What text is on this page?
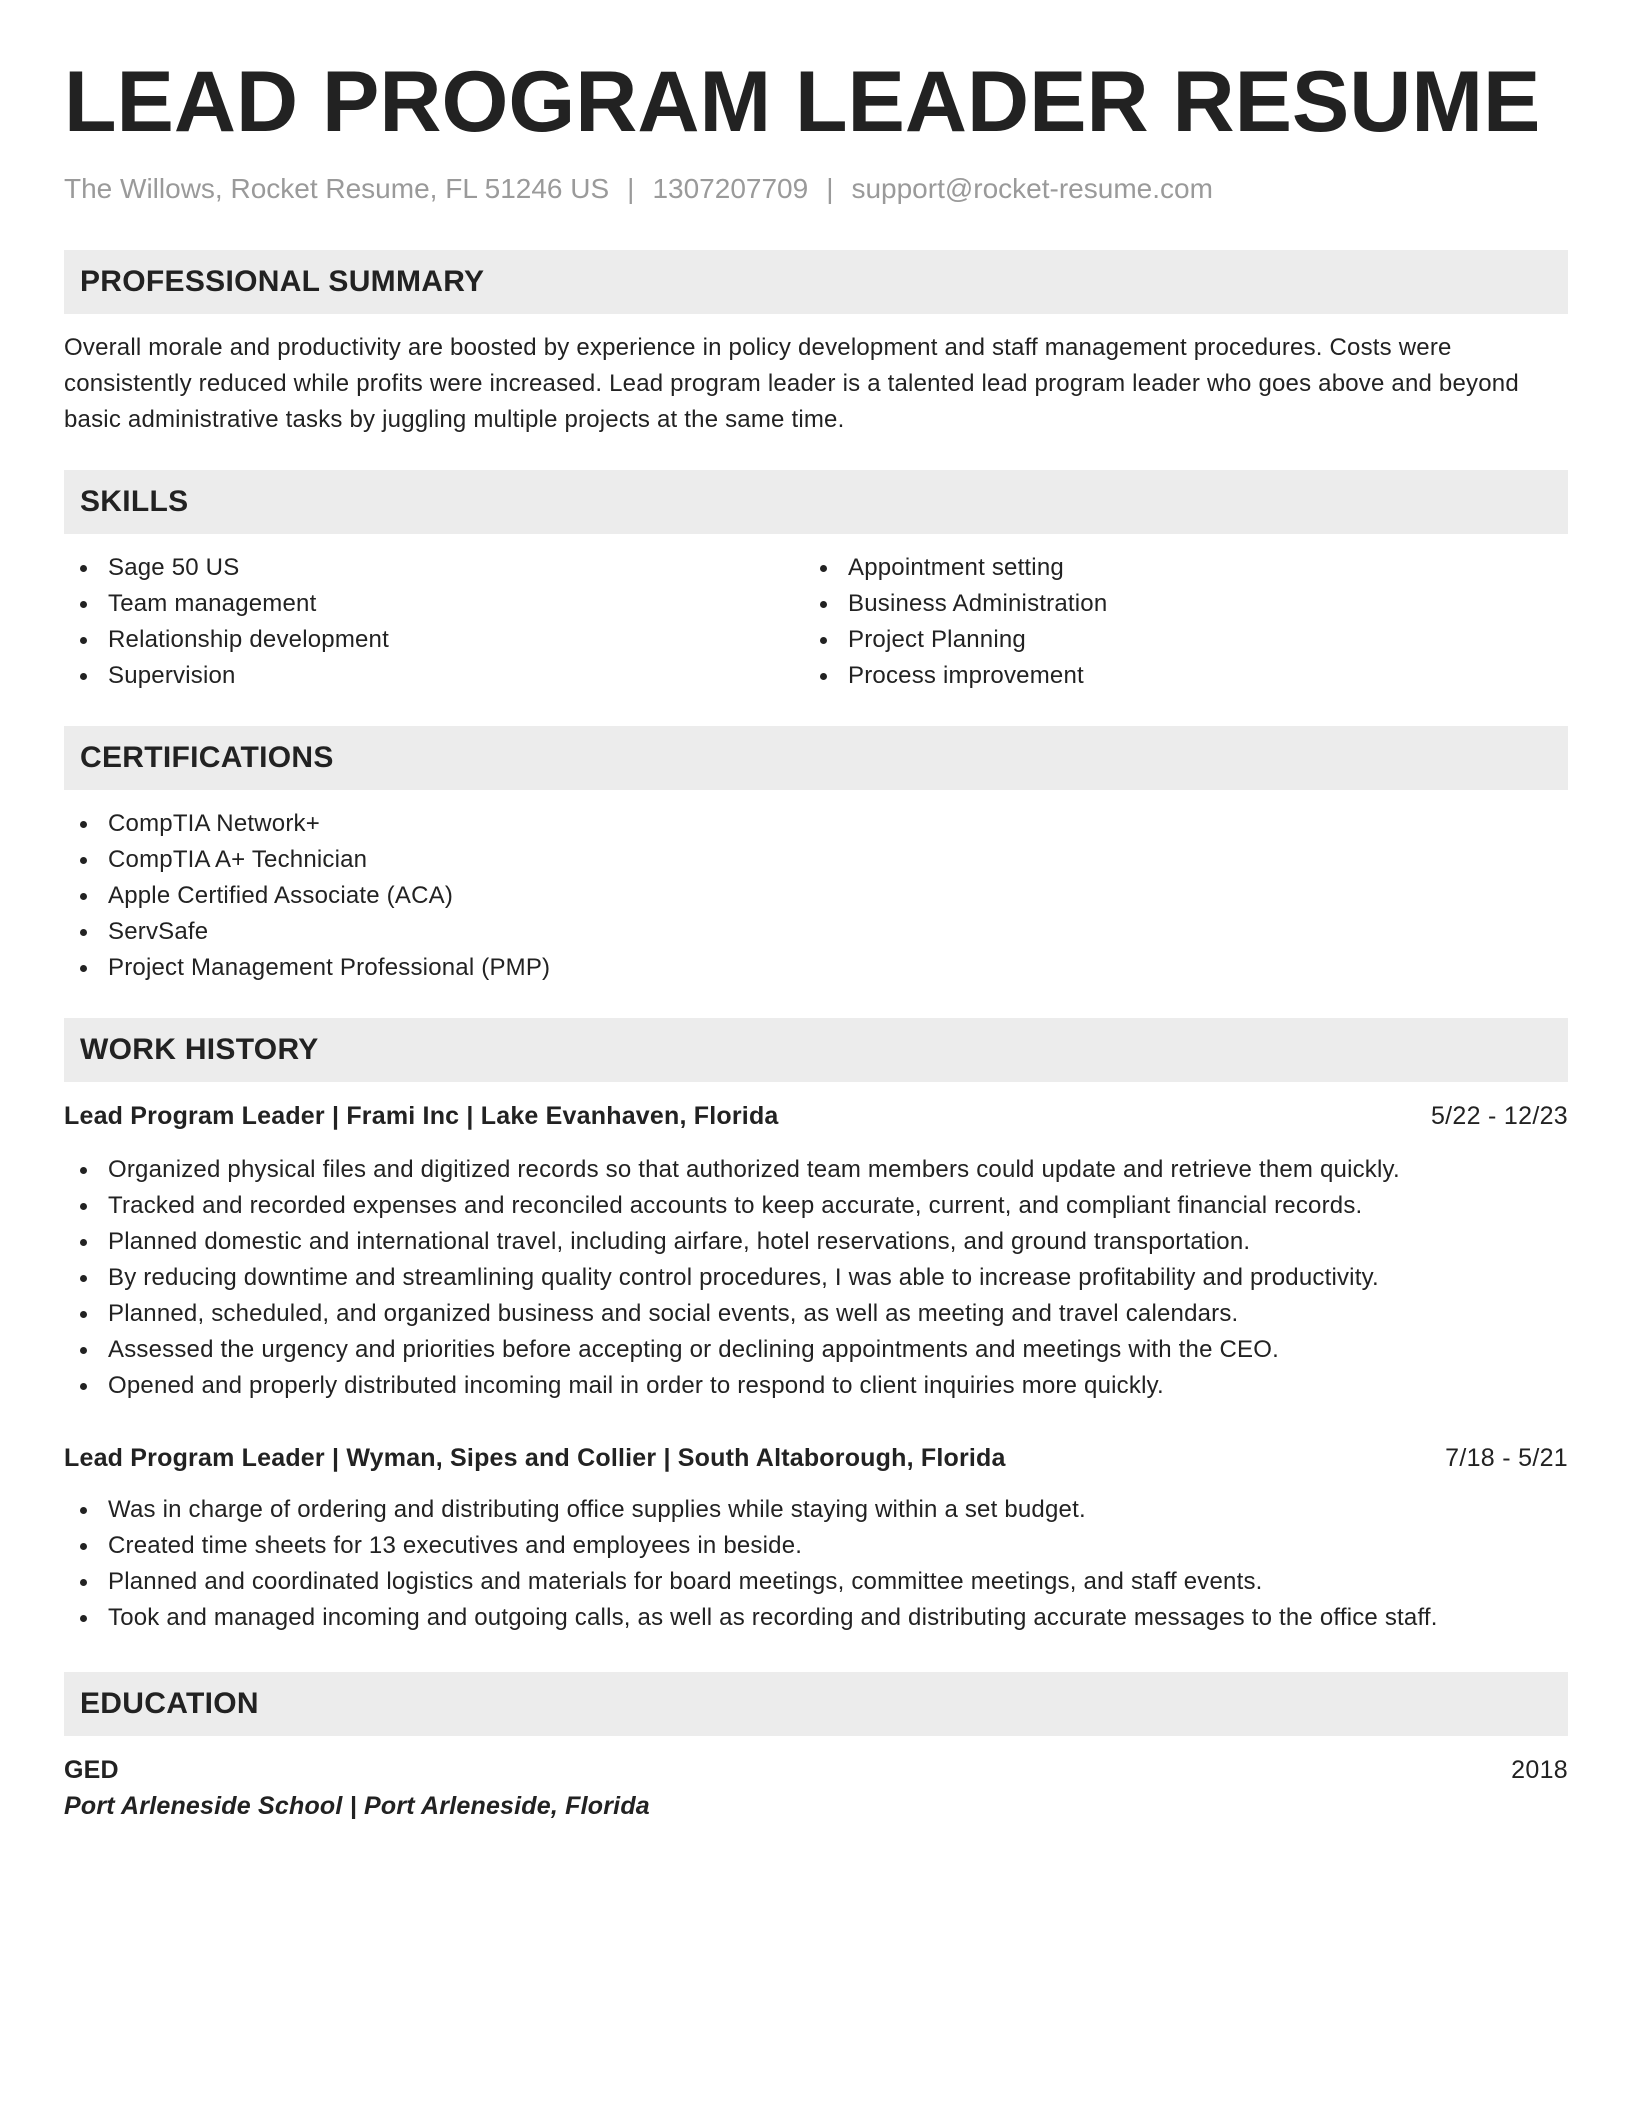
LEAD PROGRAM LEADER RESUME
The Willows, Rocket Resume, FL 51246 US | 1307207709 | support@rocket-resume.com
PROFESSIONAL SUMMARY

Overall morale and productivity are boosted by experience in policy development and staff management procedures. Costs were consistently reduced while profits were increased. Lead program leader is a talented lead program leader who goes above and beyond basic administrative tasks by juggling multiple projects at the same time.

SKILLS
Sage 50 US
Team management
Relationship development
Supervision
Appointment setting
Business Administration
Project Planning
Process improvement
CERTIFICATIONS
CompTIA Network+
CompTIA A+ Technician
Apple Certified Associate (ACA)
ServSafe
Project Management Professional (PMP)
WORK HISTORY
Lead Program Leader | Frami Inc | Lake Evanhaven, Florida	5/22 - 12/23
Organized physical files and digitized records so that authorized team members could update and retrieve them quickly.
Tracked and recorded expenses and reconciled accounts to keep accurate, current, and compliant financial records.
Planned domestic and international travel, including airfare, hotel reservations, and ground transportation.
By reducing downtime and streamlining quality control procedures, I was able to increase profitability and productivity.
Planned, scheduled, and organized business and social events, as well as meeting and travel calendars.
Assessed the urgency and priorities before accepting or declining appointments and meetings with the CEO.
Opened and properly distributed incoming mail in order to respond to client inquiries more quickly.
Lead Program Leader | Wyman, Sipes and Collier | South Altaborough, Florida	7/18 - 5/21
Was in charge of ordering and distributing office supplies while staying within a set budget.
Created time sheets for 13 executives and employees in beside.
Planned and coordinated logistics and materials for board meetings, committee meetings, and staff events.
Took and managed incoming and outgoing calls, as well as recording and distributing accurate messages to the office staff.
EDUCATION
GED	2018
Port Arleneside School | Port Arleneside, Florida
